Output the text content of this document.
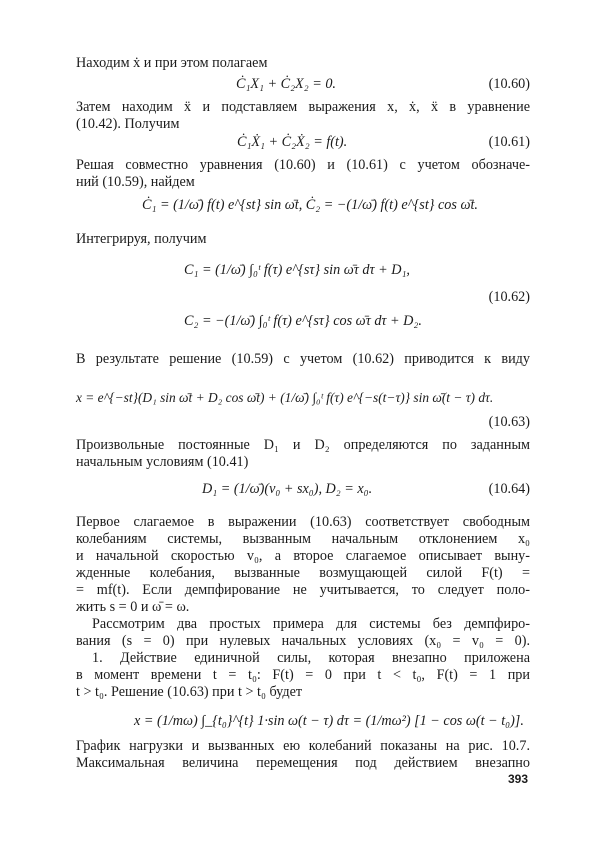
Находим ẋ и при этом полагаем
Ċ₁X₁ + Ċ₂X₂ = 0.	(10.60)
Затем находим ẍ и подставляем выражения x, ẋ, ẍ в уравнение
(10.42). Получим
Ċ₁Ẋ₁ + Ċ₂Ẋ₂ = f(t).	(10.61)
Решая совместно уравнения (10.60) и (10.61) с учетом обозначе-
ний (10.59), найдем
Ċ₁ = (1/ω̄) f(t) e^{st} sin ω̄t, Ċ₂ = −(1/ω̄) f(t) e^{st} cos ω̄t.
Интегрируя, получим
C₁ = (1/ω̄) ∫₀ᵗ f(τ) e^{sτ} sin ω̄τ dτ + D₁,
C₂ = −(1/ω̄) ∫₀ᵗ f(τ) e^{sτ} cos ω̄τ dτ + D₂.
(10.62)
В результате решение (10.59) с учетом (10.62) приводится к виду
x = e^{−st}(D₁ sin ω̄t + D₂ cos ω̄t) + (1/ω̄) ∫₀ᵗ f(τ) e^{−s(t−τ)} sin ω̄(t − τ) dτ.
(10.63)
Произвольные постоянные D₁ и D₂ определяются по заданным
начальным условиям (10.41)
D₁ = (1/ω̄)(v₀ + sx₀), D₂ = x₀.	(10.64)
Первое слагаемое в выражении (10.63) соответствует свободным
колебаниям системы, вызванным начальным отклонением x₀
и начальной скоростью v₀, а второе слагаемое описывает выну-
жденные колебания, вызванные возмущающей силой F(t) =
= mf(t). Если демпфирование не учитывается, то следует поло-
жить s = 0 и ω̄ = ω.
Рассмотрим два простых примера для системы без демпфиро-
вания (s = 0) при нулевых начальных условиях (x₀ = v₀ = 0).
1. Действие единичной силы, которая внезапно приложена
в момент времени t = t₀: F(t) = 0 при t < t₀, F(t) = 1 при
t > t₀. Решение (10.63) при t > t₀ будет
x = (1/mω) ∫_{t₀}^{t} 1·sin ω(t − τ) dτ = (1/mω²) [1 − cos ω(t − t₀)].
График нагрузки и вызванных ею колебаний показаны на рис. 10.7.
Максимальная величина перемещения под действием внезапно
393
